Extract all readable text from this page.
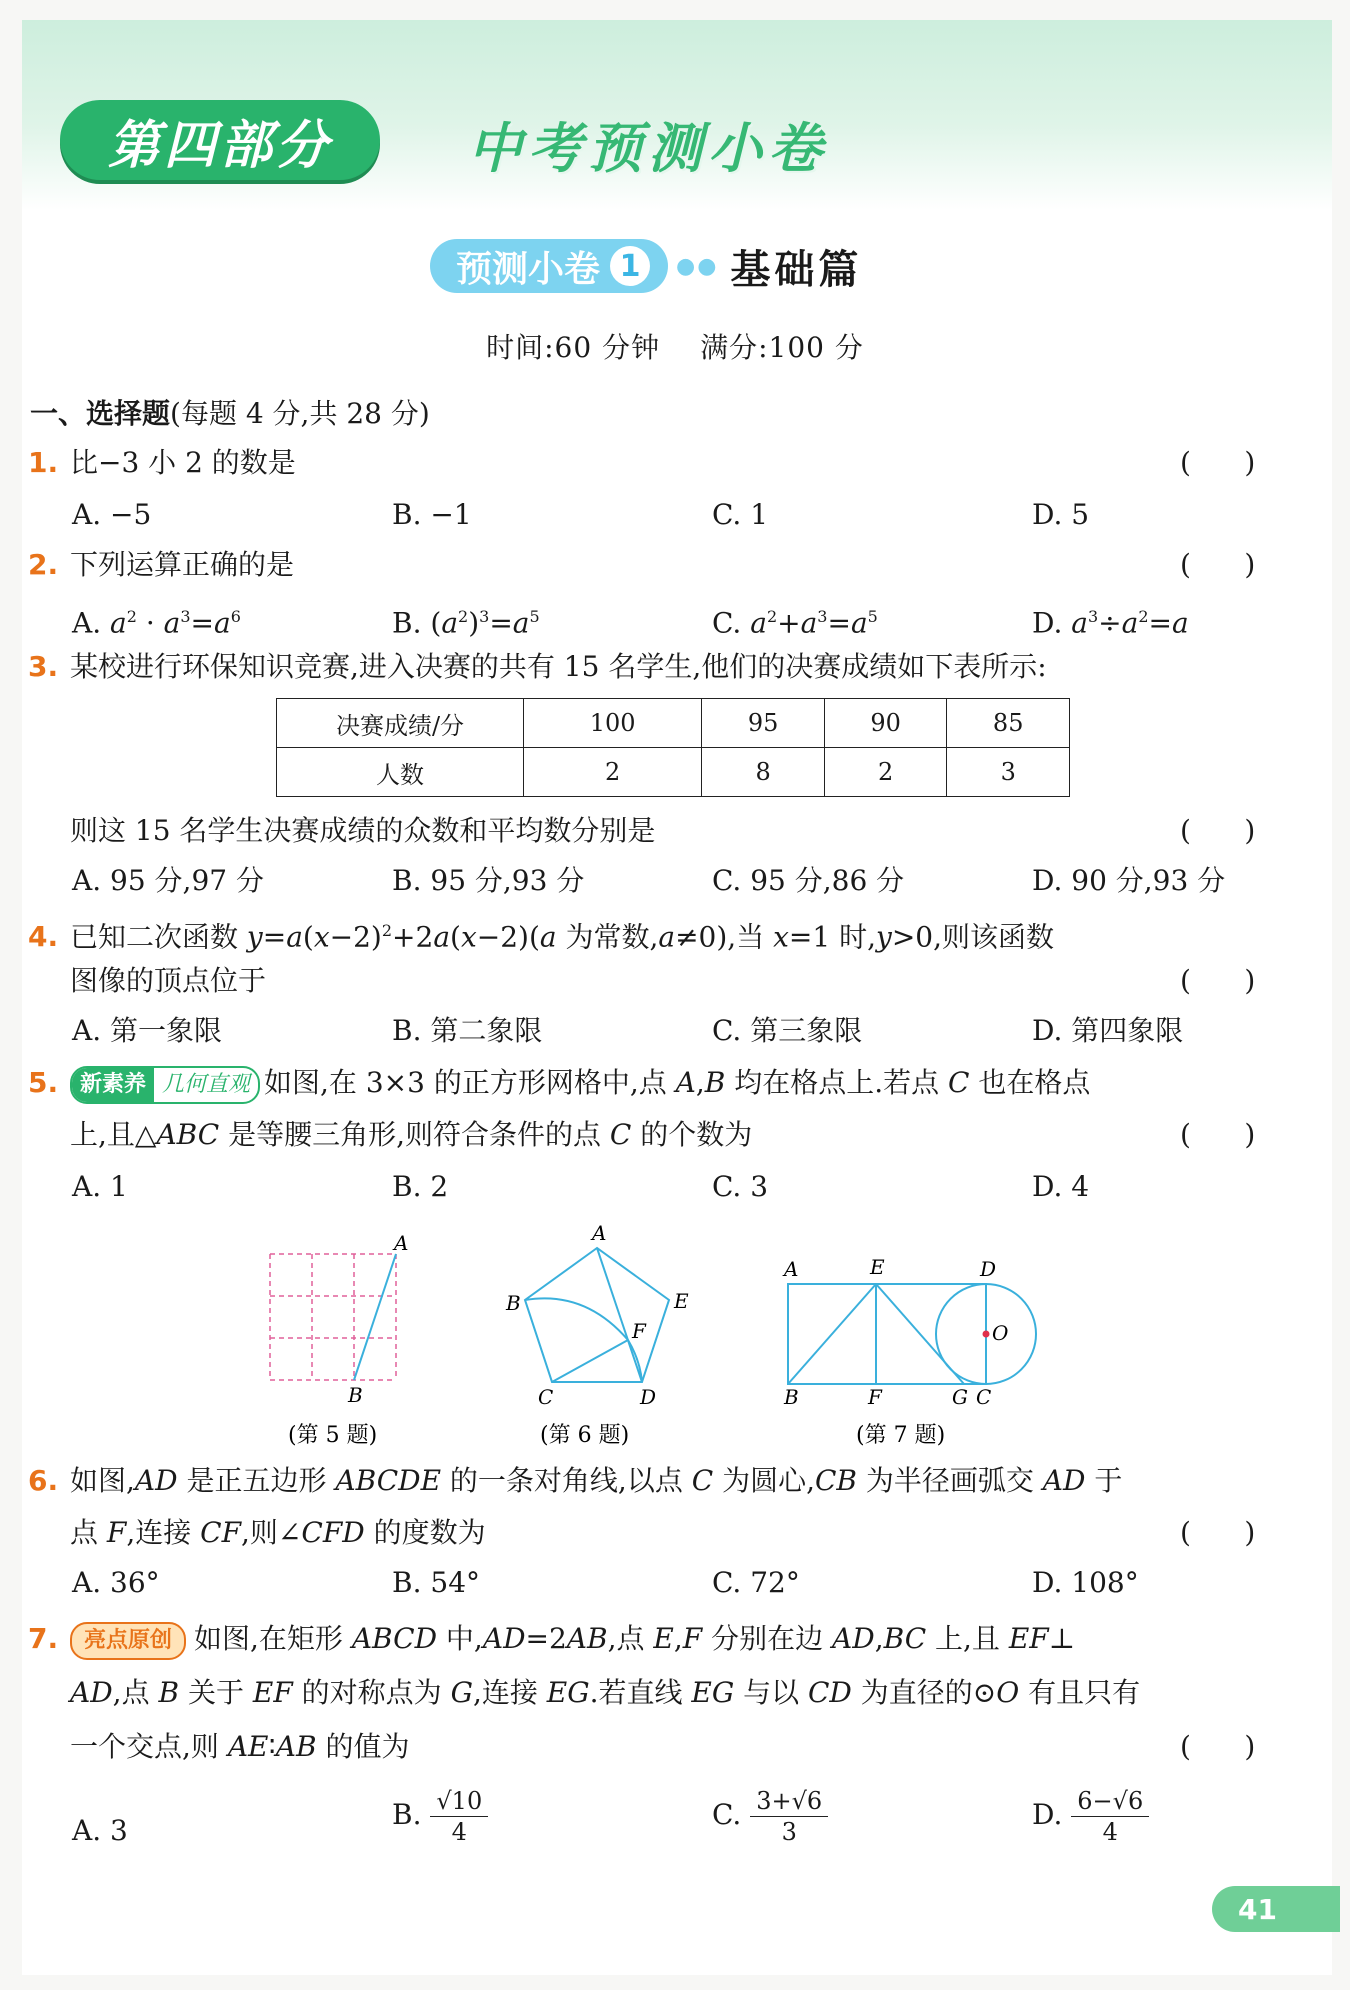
第四部分	中考预测小卷
预测小卷 1	●● 基础篇
时间:60 分钟 满分:100 分
一、选择题(每题 4 分,共 28 分)
1. 比−3 小 2 的数是	(      )
A. −5	B. −1	C. 1	D. 5
2. 下列运算正确的是	(      )
A. $a^2 \cdot a^3=a^6$	B. $(a^2)^3=a^5$	C. $a^2+a^3=a^5$	D. $a^3\div a^2=a$
3. 某校进行环保知识竞赛,进入决赛的共有 15 名学生,他们的决赛成绩如下表所示:
决赛成绩/分	100	95	90	85
人数	2	8	2	3
则这 15 名学生决赛成绩的众数和平均数分别是	(      )
A. 95 分,97 分	B. 95 分,93 分	C. 95 分,86 分	D. 90 分,93 分
4. 已知二次函数 $y=a(x-2)^2+2a(x-2)(a$ 为常数,a≠0),当 x=1 时,y>0,则该函数
图像的顶点位于	(      )
A. 第一象限	B. 第二象限	C. 第三象限	D. 第四象限
5. 新素养 几何直观 如图,在 3×3 的正方形网格中,点 A,B 均在格点上.若点 C 也在格点
上,且△ABC 是等腰三角形,则符合条件的点 C 的个数为	(      )
A. 1	B. 2	C. 3	D. 4
A
B
A
B
C	D
E
F
A	E	D
O
B	F	G C
(第 5 题)	(第 6 题)	(第 7 题)
6. 如图,AD 是正五边形 ABCDE 的一条对角线,以点 C 为圆心,CB 为半径画弧交 AD 于
点 F,连接 CF,则∠CFD 的度数为	(      )
A. 36°	B. 54°	C. 72°	D. 108°
7. 亮点原创 如图,在矩形 ABCD 中,AD=2AB,点 E,F 分别在边 AD,BC 上,且 EF⊥
AD,点 B 关于 EF 的对称点为 G,连接 EG.若直线 EG 与以 CD 为直径的⊙O 有且只有
一个交点,则 AE∶AB 的值为	(      )
A. 3	B. $\frac{√10}{4}$	C. $\frac{3+√6}{3}$	D. $\frac{6-√6}{4}$
41
